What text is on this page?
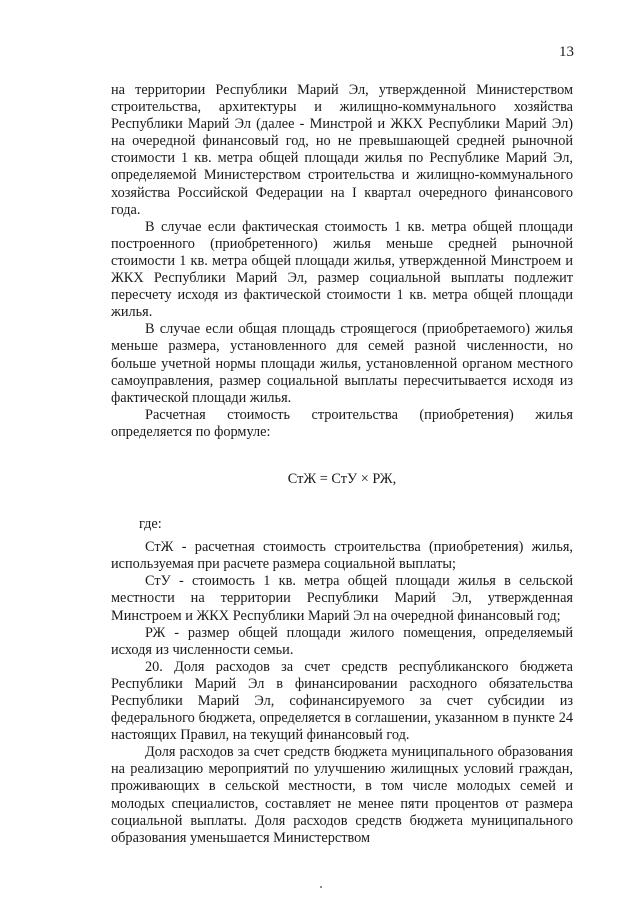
13

на территории Республики Марий Эл, утвержденной Министерством строительства, архитектуры и жилищно-коммунального хозяйства Республики Марий Эл (далее - Минстрой и ЖКХ Республики Марий Эл) на очередной финансовый год, но не превышающей средней рыночной стоимости 1 кв. метра общей площади жилья по Республике Марий Эл, определяемой Министерством строительства и жилищно-коммунального хозяйства Российской Федерации на I квартал очередного финансового года.

В случае если фактическая стоимость 1 кв. метра общей площади построенного (приобретенного) жилья меньше средней рыночной стоимости 1 кв. метра общей площади жилья, утвержденной Минстроем и ЖКХ Республики Марий Эл, размер социальной выплаты подлежит пересчету исходя из фактической стоимости 1 кв. метра общей площади жилья.

В случае если общая площадь строящегося (приобретаемого) жилья меньше размера, установленного для семей разной численности, но больше учетной нормы площади жилья, установленной органом местного самоуправления, размер социальной выплаты пересчитывается исходя из фактической площади жилья.

Расчетная стоимость строительства (приобретения) жилья определяется по формуле:

СтЖ = СтУ × РЖ,

где:

СтЖ - расчетная стоимость строительства (приобретения) жилья, используемая при расчете размера социальной выплаты;

СтУ - стоимость 1 кв. метра общей площади жилья в сельской местности на территории Республики Марий Эл, утвержденная Минстроем и ЖКХ Республики Марий Эл на очередной финансовый год;

РЖ - размер общей площади жилого помещения, определяемый исходя из численности семьи.

20. Доля расходов за счет средств республиканского бюджета Республики Марий Эл в финансировании расходного обязательства Республики Марий Эл, софинансируемого за счет субсидии из федерального бюджета, определяется в соглашении, указанном в пункте 24 настоящих Правил, на текущий финансовый год.

Доля расходов за счет средств бюджета муниципального образования на реализацию мероприятий по улучшению жилищных условий граждан, проживающих в сельской местности, в том числе молодых семей и молодых специалистов, составляет не менее пяти процентов от размера социальной выплаты. Доля расходов средств бюджета муниципального образования уменьшается Министерством
